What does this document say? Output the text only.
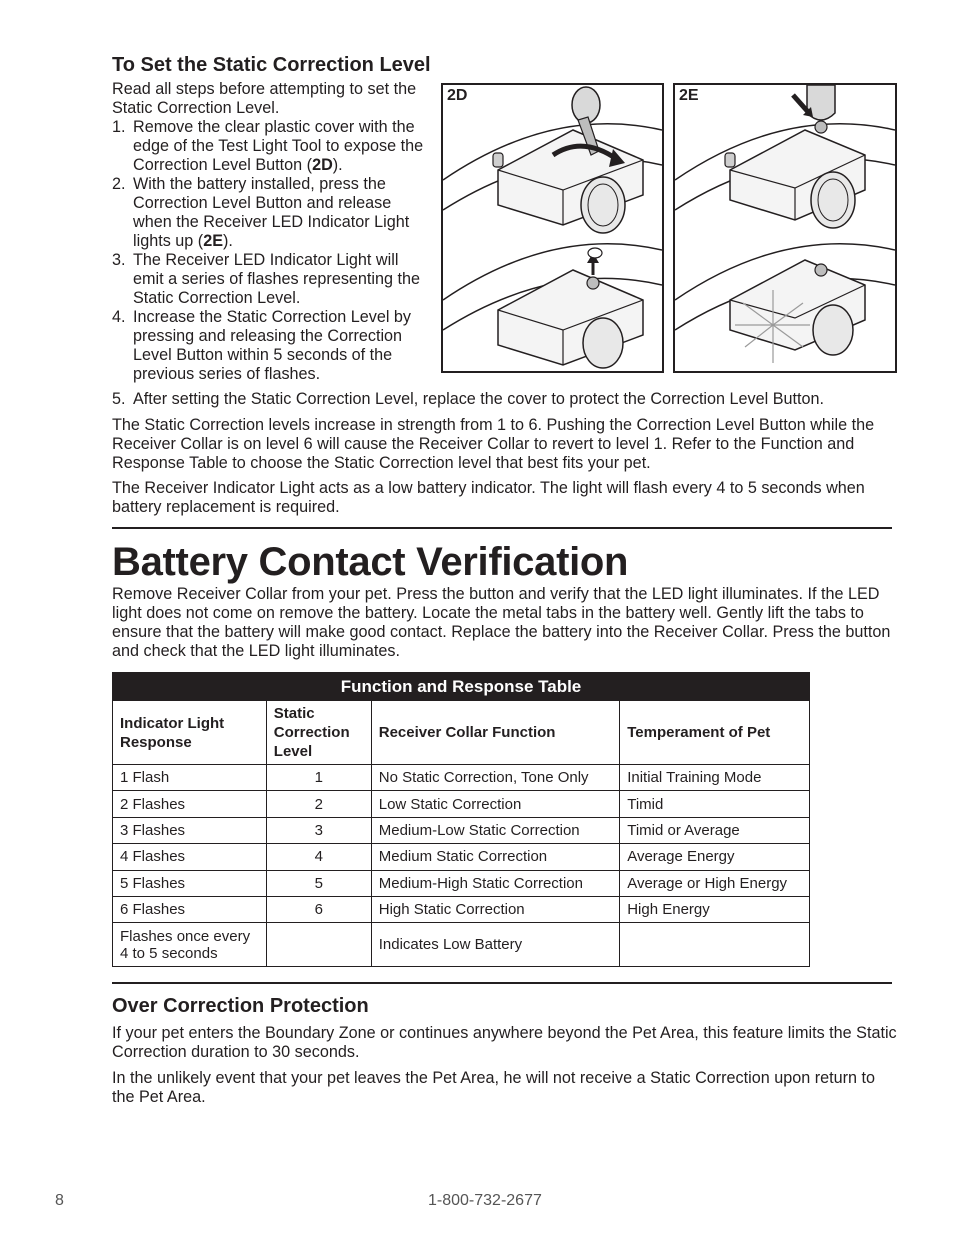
To Set the Static Correction Level

Read all steps before attempting to set the Static Correction Level.

1. Remove the clear plastic cover with the edge of the Test Light Tool to expose the Correction Level Button (2D).
2. With the battery installed, press the Correction Level Button and release when the Receiver LED Indicator Light lights up (2E).
3. The Receiver LED Indicator Light will emit a series of flashes representing the Static Correction Level.
4. Increase the Static Correction Level by pressing and releasing the Correction Level Button within 5 seconds of the previous series of flashes.
2D	2E

5. After setting the Static Correction Level, replace the cover to protect the Correction Level Button.

The Static Correction levels increase in strength from 1 to 6. Pushing the Correction Level Button while the Receiver Collar is on level 6 will cause the Receiver Collar to revert to level 1. Refer to the Function and Response Table to choose the Static Correction level that best fits your pet.

The Receiver Indicator Light acts as a low battery indicator. The light will flash every 4 to 5 seconds when battery replacement is required.

Battery Contact Verification

Remove Receiver Collar from your pet. Press the button and verify that the LED light illuminates. If the LED light does not come on remove the battery. Locate the metal tabs in the battery well. Gently lift the tabs to ensure that the battery will make good contact. Replace the battery into the Receiver Collar. Press the button and check that the LED light illuminates.

Function and Response Table			
Indicator Light Response	Static Correction Level	Receiver Collar Function	Temperament of Pet
1 Flash	1	No Static Correction, Tone Only	Initial Training Mode
2 Flashes	2	Low Static Correction	Timid
3 Flashes	3	Medium-Low Static Correction	Timid or Average
4 Flashes	4	Medium Static Correction	Average Energy
5 Flashes	5	Medium-High Static Correction	Average or High Energy
6 Flashes	6	High Static Correction	High Energy
Flashes once every 4 to 5 seconds		Indicates Low Battery	
Over Correction Protection

If your pet enters the Boundary Zone or continues anywhere beyond the Pet Area, this feature limits the Static Correction duration to 30 seconds.

In the unlikely event that your pet leaves the Pet Area, he will not receive a Static Correction upon return to the Pet Area.

8	1-800-732-2677
